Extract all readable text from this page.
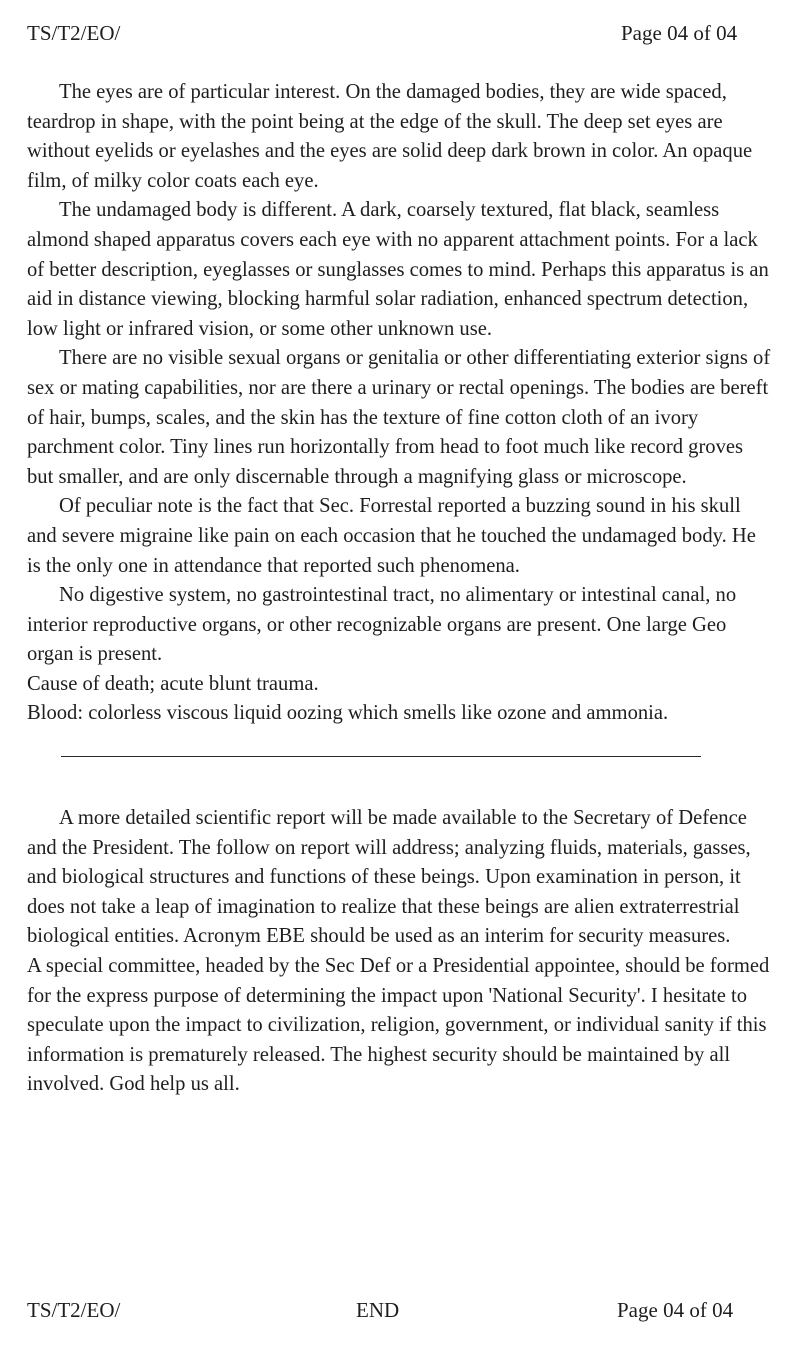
TS/T2/EO/	Page 04 of 04

The eyes are of particular interest. On the damaged bodies, they are wide spaced, teardrop in shape, with the point being at the edge of the skull. The deep set eyes are without eyelids or eyelashes and the eyes are solid deep dark brown in color. An opaque film, of milky color coats each eye.

The undamaged body is different. A dark, coarsely textured, flat black, seamless almond shaped apparatus covers each eye with no apparent attachment points. For a lack of better description, eyeglasses or sunglasses comes to mind. Perhaps this apparatus is an aid in distance viewing, blocking harmful solar radiation, enhanced spectrum detection, low light or infrared vision, or some other unknown use.

There are no visible sexual organs or genitalia or other differentiating exterior signs of sex or mating capabilities, nor are there a urinary or rectal openings. The bodies are bereft of hair, bumps, scales, and the skin has the texture of fine cotton cloth of an ivory parchment color. Tiny lines run horizontally from head to foot much like record groves but smaller, and are only discernable through a magnifying glass or microscope.

Of peculiar note is the fact that Sec. Forrestal reported a buzzing sound in his skull and severe migraine like pain on each occasion that he touched the undamaged body. He is the only one in attendance that reported such phenomena.

No digestive system, no gastrointestinal tract, no alimentary or intestinal canal, no interior reproductive organs, or other recognizable organs are present. One large Geo organ is present.

Cause of death; acute blunt trauma.

Blood: colorless viscous liquid oozing which smells like ozone and ammonia.

A more detailed scientific report will be made available to the Secretary of Defence and the President. The follow on report will address; analyzing fluids, materials, gasses, and biological structures and functions of these beings. Upon examination in person, it does not take a leap of imagination to realize that these beings are alien extraterrestrial biological entities. Acronym EBE should be used as an interim for security measures.

A special committee, headed by the Sec Def or a Presidential appointee, should be formed for the express purpose of determining the impact upon 'National Security'. I hesitate to speculate upon the impact to civilization, religion, government, or individual sanity if this information is prematurely released. The highest security should be maintained by all involved. God help us all.

TS/T2/EO/	END	Page 04 of 04
